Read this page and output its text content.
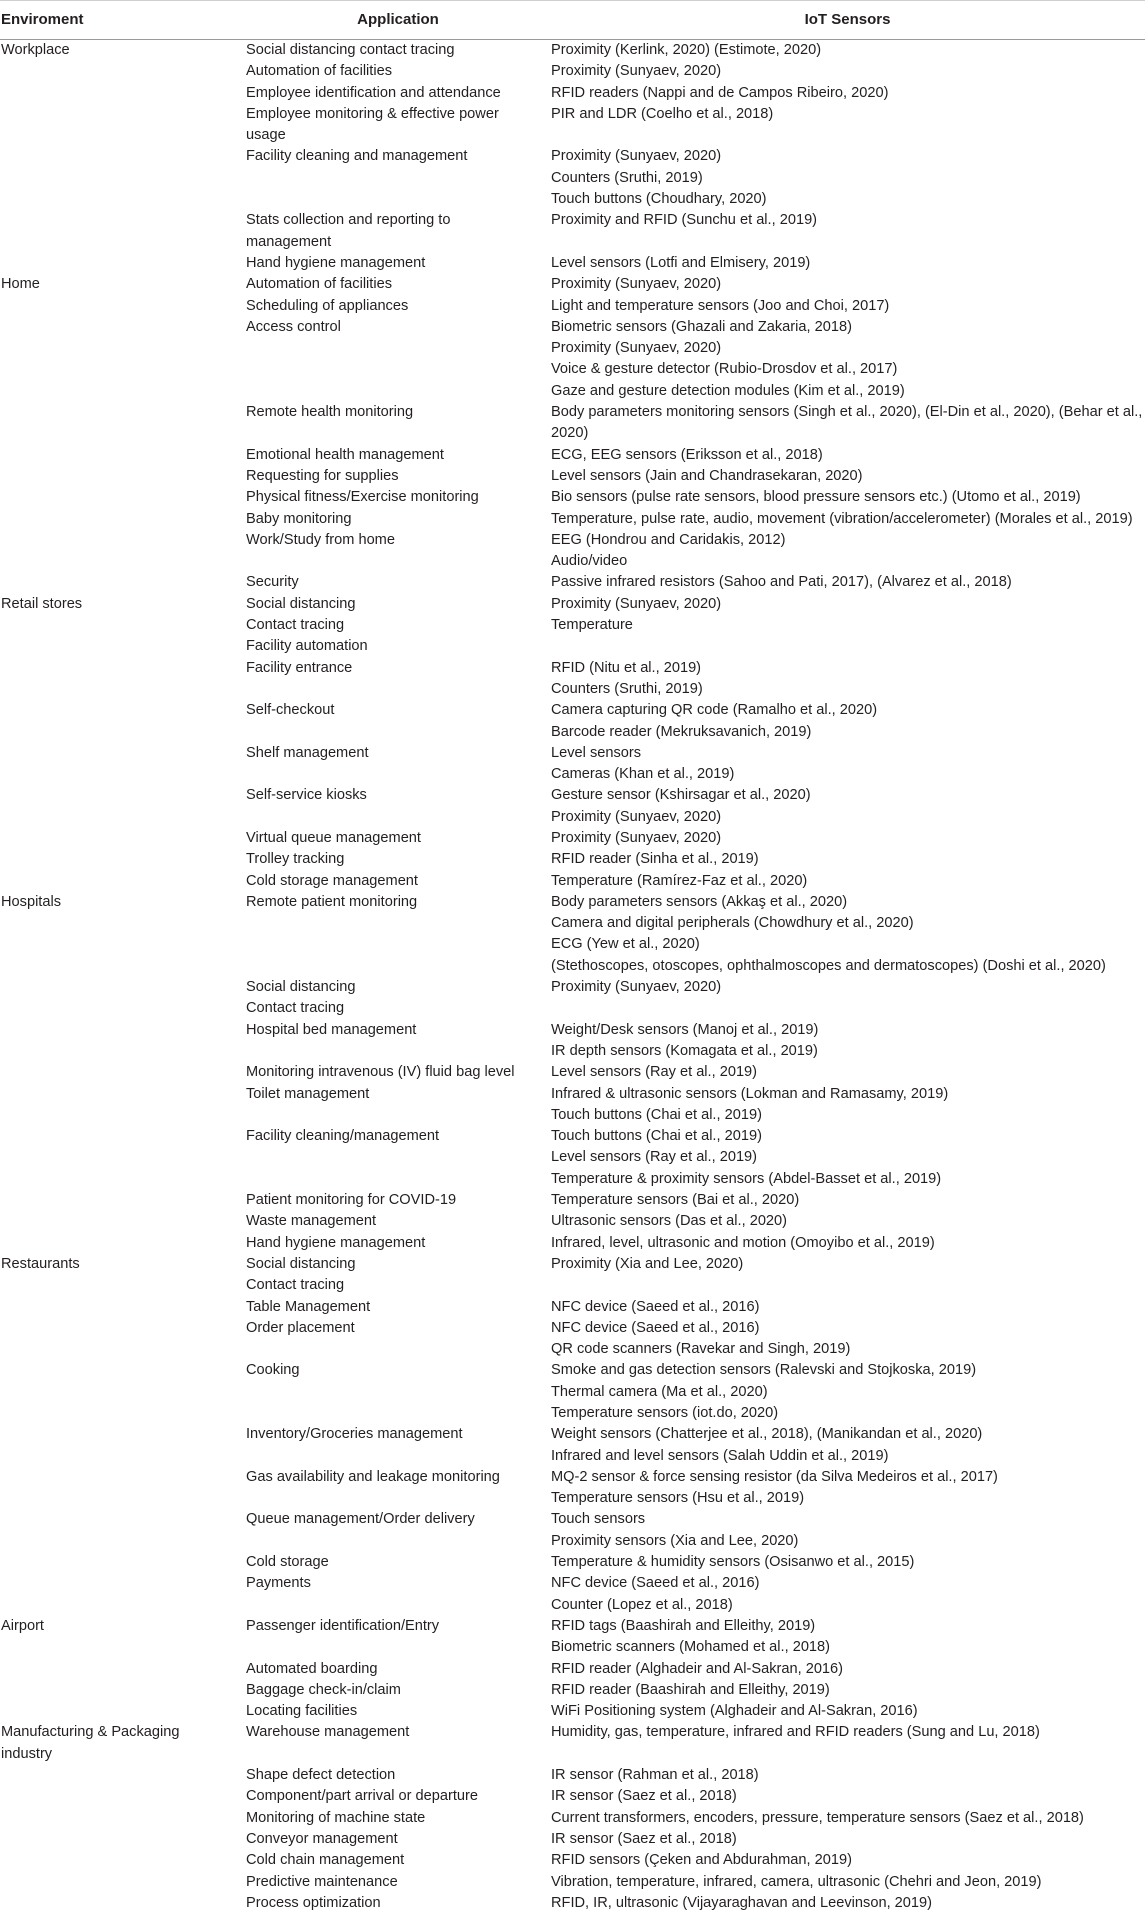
Enviroment	Application	IoT Sensors

Workplace	Social distancing contact tracing	Proximity (Kerlink, 2020) (Estimote, 2020)

	Automation of facilities	Proximity (Sunyaev, 2020)

	Employee identification and attendance	RFID readers (Nappi and de Campos Ribeiro, 2020)

	Employee monitoring & effective power
usage	PIR and LDR (Coelho et al., 2018)

	Facility cleaning and management	Proximity (Sunyaev, 2020)
Counters (Sruthi, 2019)
Touch buttons (Choudhary, 2020)

	Stats collection and reporting to
management	Proximity and RFID (Sunchu et al., 2019)

	Hand hygiene management	Level sensors (Lotfi and Elmisery, 2019)

Home	Automation of facilities	Proximity (Sunyaev, 2020)

	Scheduling of appliances	Light and temperature sensors (Joo and Choi, 2017)

	Access control	Biometric sensors (Ghazali and Zakaria, 2018)
Proximity (Sunyaev, 2020)
Voice & gesture detector (Rubio-Drosdov et al., 2017)
Gaze and gesture detection modules (Kim et al., 2019)

	Remote health monitoring	Body parameters monitoring sensors (Singh et al., 2020), (El-Din et al., 2020), (Behar et al.,
2020)

	Emotional health management	ECG, EEG sensors (Eriksson et al., 2018)

	Requesting for supplies	Level sensors (Jain and Chandrasekaran, 2020)

	Physical fitness/Exercise monitoring	Bio sensors (pulse rate sensors, blood pressure sensors etc.) (Utomo et al., 2019)

	Baby monitoring	Temperature, pulse rate, audio, movement (vibration/accelerometer) (Morales et al., 2019)

	Work/Study from home	EEG (Hondrou and Caridakis, 2012)
Audio/video

	Security	Passive infrared resistors (Sahoo and Pati, 2017), (Alvarez et al., 2018)

Retail stores	Social distancing	Proximity (Sunyaev, 2020)

	Contact tracing	Temperature

	Facility automation	

	Facility entrance	RFID (Nitu et al., 2019)
Counters (Sruthi, 2019)

	Self-checkout	Camera capturing QR code (Ramalho et al., 2020)
Barcode reader (Mekruksavanich, 2019)

	Shelf management	Level sensors
Cameras (Khan et al., 2019)

	Self-service kiosks	Gesture sensor (Kshirsagar et al., 2020)
Proximity (Sunyaev, 2020)

	Virtual queue management	Proximity (Sunyaev, 2020)

	Trolley tracking	RFID reader (Sinha et al., 2019)

	Cold storage management	Temperature (Ramírez-Faz et al., 2020)

Hospitals	Remote patient monitoring	Body parameters sensors (Akkaş et al., 2020)
Camera and digital peripherals (Chowdhury et al., 2020)
ECG (Yew et al., 2020)
(Stethoscopes, otoscopes, ophthalmoscopes and dermatoscopes) (Doshi et al., 2020)

	Social distancing	Proximity (Sunyaev, 2020)

	Contact tracing	

	Hospital bed management	Weight/Desk sensors (Manoj et al., 2019)
IR depth sensors (Komagata et al., 2019)

	Monitoring intravenous (IV) fluid bag level	Level sensors (Ray et al., 2019)

	Toilet management	Infrared & ultrasonic sensors (Lokman and Ramasamy, 2019)
Touch buttons (Chai et al., 2019)

	Facility cleaning/management	Touch buttons (Chai et al., 2019)
Level sensors (Ray et al., 2019)
Temperature & proximity sensors (Abdel-Basset et al., 2019)

	Patient monitoring for COVID-19	Temperature sensors (Bai et al., 2020)

	Waste management	Ultrasonic sensors (Das et al., 2020)

	Hand hygiene management	Infrared, level, ultrasonic and motion (Omoyibo et al., 2019)

Restaurants	Social distancing	Proximity (Xia and Lee, 2020)

	Contact tracing	

	Table Management	NFC device (Saeed et al., 2016)

	Order placement	NFC device (Saeed et al., 2016)
QR code scanners (Ravekar and Singh, 2019)

	Cooking	Smoke and gas detection sensors (Ralevski and Stojkoska, 2019)
Thermal camera (Ma et al., 2020)
Temperature sensors (iot.do, 2020)

	Inventory/Groceries management	Weight sensors (Chatterjee et al., 2018), (Manikandan et al., 2020)
Infrared and level sensors (Salah Uddin et al., 2019)

	Gas availability and leakage monitoring	MQ-2 sensor & force sensing resistor (da Silva Medeiros et al., 2017)
Temperature sensors (Hsu et al., 2019)

	Queue management/Order delivery	Touch sensors
Proximity sensors (Xia and Lee, 2020)

	Cold storage	Temperature & humidity sensors (Osisanwo et al., 2015)

	Payments	NFC device (Saeed et al., 2016)
Counter (Lopez et al., 2018)

Airport	Passenger identification/Entry	RFID tags (Baashirah and Elleithy, 2019)
Biometric scanners (Mohamed et al., 2018)

	Automated boarding	RFID reader (Alghadeir and Al-Sakran, 2016)

	Baggage check-in/claim	RFID reader (Baashirah and Elleithy, 2019)

	Locating facilities	WiFi Positioning system (Alghadeir and Al-Sakran, 2016)

Manufacturing & Packaging
industry	Warehouse management	Humidity, gas, temperature, infrared and RFID readers (Sung and Lu, 2018)

	Shape defect detection	IR sensor (Rahman et al., 2018)

	Component/part arrival or departure	IR sensor (Saez et al., 2018)

	Monitoring of machine state	Current transformers, encoders, pressure, temperature sensors (Saez et al., 2018)

	Conveyor management	IR sensor (Saez et al., 2018)

	Cold chain management	RFID sensors (Çeken and Abdurahman, 2019)

	Predictive maintenance	Vibration, temperature, infrared, camera, ultrasonic (Chehri and Jeon, 2019)

	Process optimization	RFID, IR, ultrasonic (Vijayaraghavan and Leevinson, 2019)
